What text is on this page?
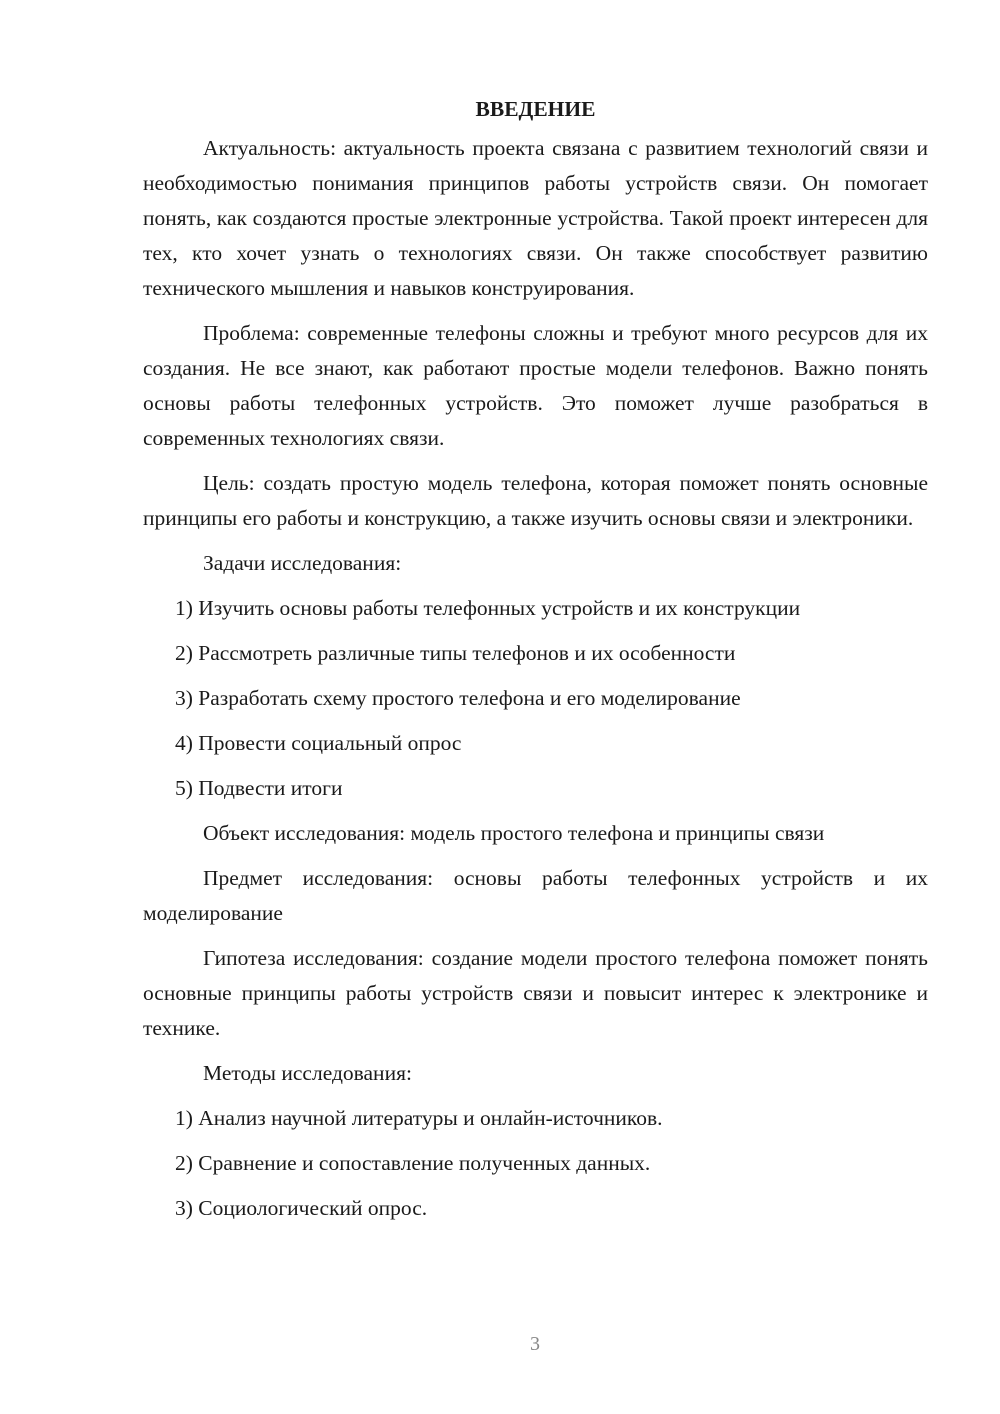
ВВЕДЕНИЕ

Актуальность: актуальность проекта связана с развитием технологий связи и необходимостью понимания принципов работы устройств связи. Он помогает понять, как создаются простые электронные устройства. Такой проект интересен для тех, кто хочет узнать о технологиях связи. Он также способствует развитию технического мышления и навыков конструирования.

Проблема: современные телефоны сложны и требуют много ресурсов для их создания. Не все знают, как работают простые модели телефонов. Важно понять основы работы телефонных устройств. Это поможет лучше разобраться в современных технологиях связи.

Цель: создать простую модель телефона, которая поможет понять основные принципы его работы и конструкцию, а также изучить основы связи и электроники.

Задачи исследования:

1) Изучить основы работы телефонных устройств и их конструкции

2) Рассмотреть различные типы телефонов и их особенности

3) Разработать схему простого телефона и его моделирование

4) Провести социальный опрос

5) Подвести итоги

Объект исследования: модель простого телефона и принципы связи

Предмет исследования: основы работы телефонных устройств и их моделирование

Гипотеза исследования: создание модели простого телефона поможет понять основные принципы работы устройств связи и повысит интерес к электронике и технике.

Методы исследования:

1) Анализ научной литературы и онлайн-источников.

2) Сравнение и сопоставление полученных данных.

3) Социологический опрос.

3
